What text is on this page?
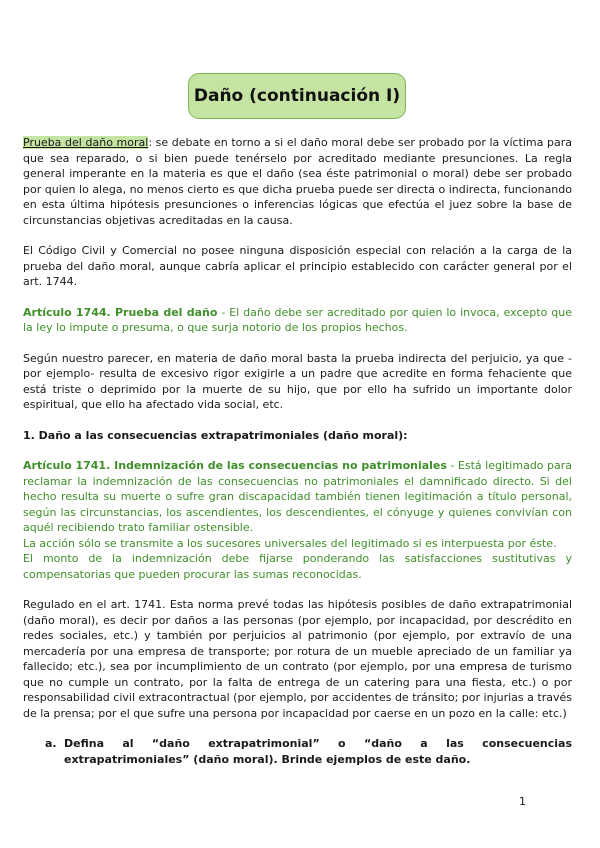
Daño (continuación I)

Prueba del daño moral: se debate en torno a si el daño moral debe ser probado por la víctima para que sea reparado, o si bien puede tenérselo por acreditado mediante presunciones. La regla general imperante en la materia es que el daño (sea éste patrimonial o moral) debe ser probado por quien lo alega, no menos cierto es que dicha prueba puede ser directa o indirecta, funcionando en esta última hipótesis presunciones o inferencias lógicas que efectúa el juez sobre la base de circunstancias objetivas acreditadas en la causa.

El Código Civil y Comercial no posee ninguna disposición especial con relación a la carga de la prueba del daño moral, aunque cabría aplicar el principio establecido con carácter general por el art. 1744.

Artículo 1744. Prueba del daño - El daño debe ser acreditado por quien lo invoca, excepto que la ley lo impute o presuma, o que surja notorio de los propios hechos.

Según nuestro parecer, en materia de daño moral basta la prueba indirecta del perjuicio, ya que -por ejemplo- resulta de excesivo rigor exigirle a un padre que acredite en forma fehaciente que está triste o deprimido por la muerte de su hijo, que por ello ha sufrido un importante dolor espiritual, que ello ha afectado vida social, etc.

1. Daño a las consecuencias extrapatrimoniales (daño moral):

Artículo 1741. Indemnización de las consecuencias no patrimoniales - Está legitimado para reclamar la indemnización de las consecuencias no patrimoniales el damnificado directo. Si del hecho resulta su muerte o sufre gran discapacidad también tienen legitimación a título personal, según las circunstancias, los ascendientes, los descendientes, el cónyuge y quienes convivían con aquél recibiendo trato familiar ostensible.
La acción sólo se transmite a los sucesores universales del legitimado si es interpuesta por éste.
El monto de la indemnización debe fijarse ponderando las satisfacciones sustitutivas y compensatorias que pueden procurar las sumas reconocidas.

Regulado en el art. 1741. Esta norma prevé todas las hipótesis posibles de daño extrapatrimonial (daño moral), es decir por daños a las personas (por ejemplo, por incapacidad, por descrédito en redes sociales, etc.) y también por perjuicios al patrimonio (por ejemplo, por extravío de una mercadería por una empresa de transporte; por rotura de un mueble apreciado de un familiar ya fallecido; etc.), sea por incumplimiento de un contrato (por ejemplo, por una empresa de turismo que no cumple un contrato, por la falta de entrega de un catering para una fiesta, etc.) o por responsabilidad civil extracontractual (por ejemplo, por accidentes de tránsito; por injurias a través de la prensa; por el que sufre una persona por incapacidad por caerse en un pozo en la calle: etc.)

a. Defina al “daño extrapatrimonial” o “daño a las consecuencias extrapatrimoniales” (daño moral). Brinde ejemplos de este daño.
1
